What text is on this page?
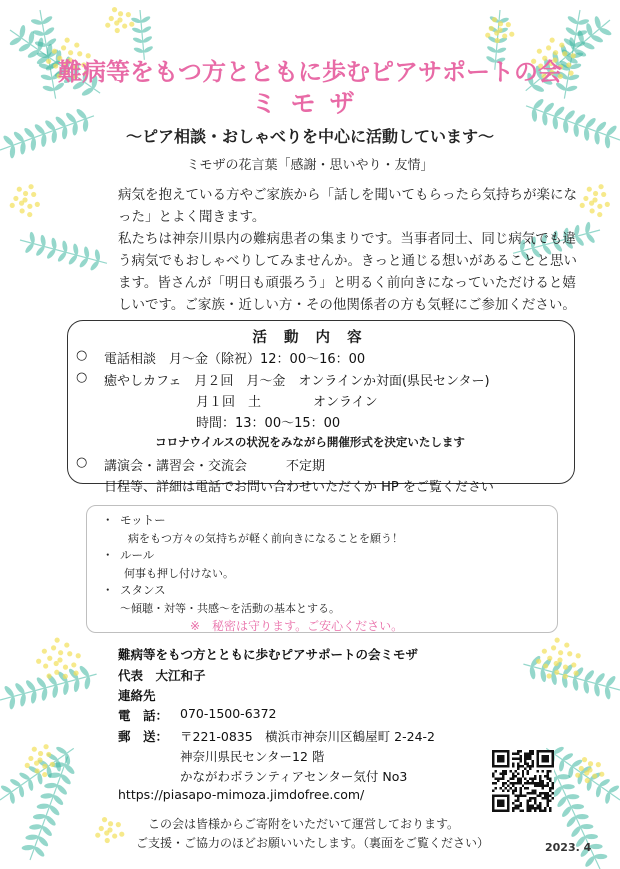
難病等をもつ方とともに歩むピアサポートの会
ミモザ
～ピア相談・おしゃべりを中心に活動しています～
ミモザの花言葉「感謝・思いやり・友情」

病気を抱えている方やご家族から「話しを聞いてもらったら気持ちが楽になった」とよく聞きます。

私たちは神奈川県内の難病患者の集まりです。当事者同士、同じ病気でも違う病気でもおしゃべりしてみませんか。きっと通じる想いがあることと思います。皆さんが「明日も頑張ろう」と明るく前向きになっていただけると嬉しいです。ご家族・近しい方・その他関係者の方も気軽にご参加ください。

活 動 内 容
○ 電話相談　月～金（除祝）12：00～16：00
○ 癒やしカフェ　月２回　月～金　オンラインか対面(県民センター)
月１回　土　　　　オンライン
時間：13：00～15：00
コロナウイルスの状況をみながら開催形式を決定いたします
○ 講演会・講習会・交流会　　　不定期
日程等、詳細は電話でお問い合わせいただくか HP をご覧ください
・ モットー
病をもつ方々の気持ちが軽く前向きになることを願う！
・ ルール
何事も押し付けない。
・ スタンス
～傾聴・対等・共感～を活動の基本とする。
※　秘密は守ります。ご安心ください。
難病等をもつ方とともに歩むピアサポートの会ミモザ
代表　大江和子
連絡先
電　話： 070-1500-6372
郵　送： 〒221-0835　横浜市神奈川区鶴屋町 2-24-2
神奈川県民センター12 階
かながわボランティアセンター気付 No3
https://piasapo-mimoza.jimdofree.com/
この会は皆様からご寄附をいただいて運営しております。
ご支援・ご協力のほどお願いいたします。（裏面をご覧ください）	2023. 4
